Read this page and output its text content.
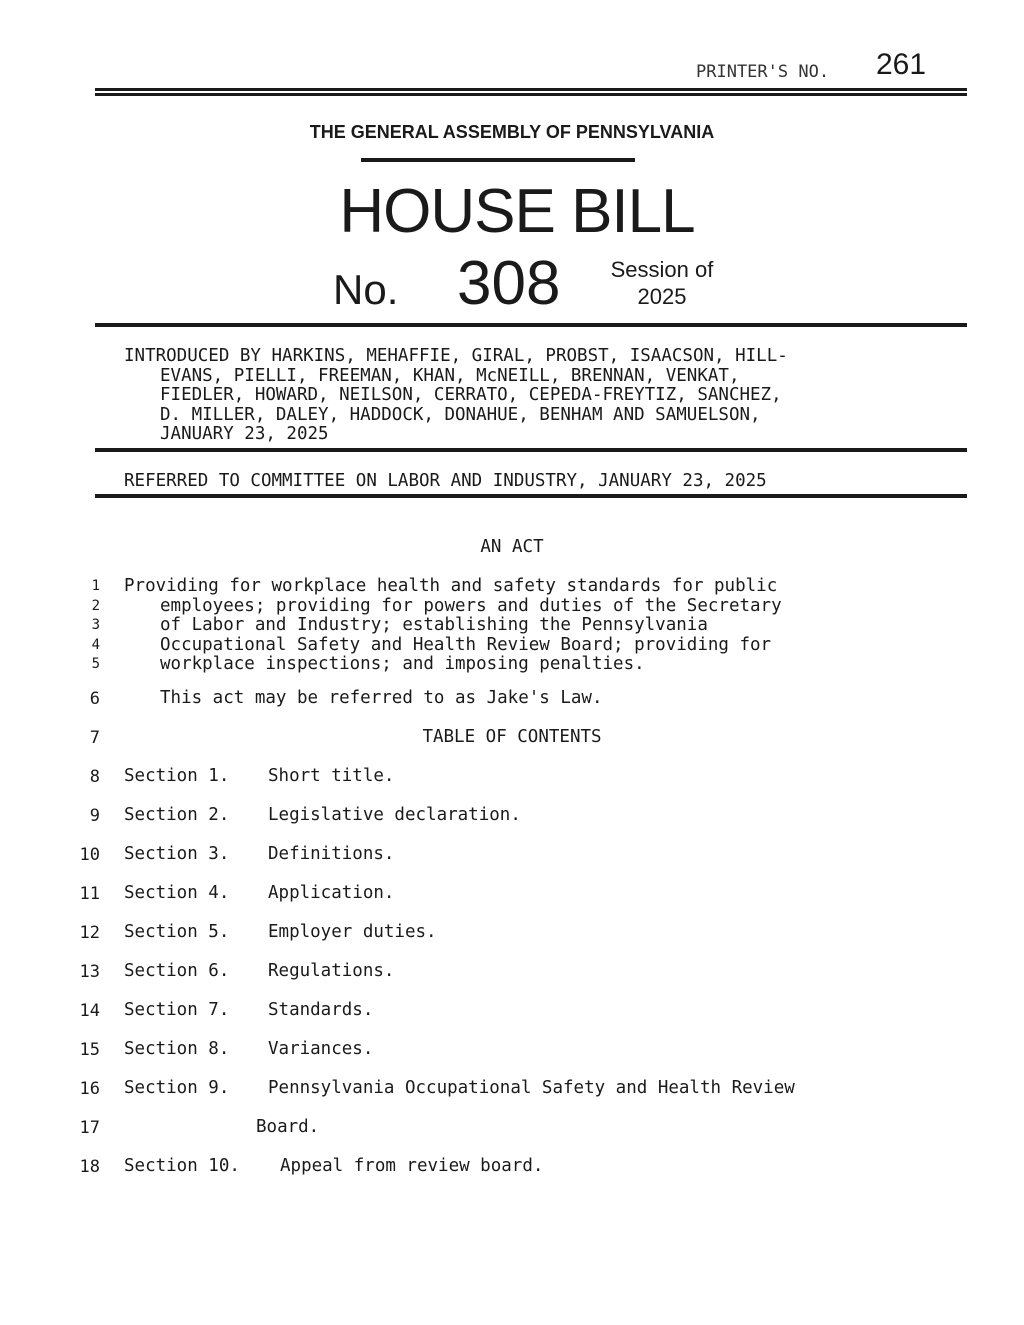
PRINTER'S NO. 261
THE GENERAL ASSEMBLY OF PENNSYLVANIA
HOUSE BILL
No. 308	Session of
2025
INTRODUCED BY HARKINS, MEHAFFIE, GIRAL, PROBST, ISAACSON, HILL-
EVANS, PIELLI, FREEMAN, KHAN, McNEILL, BRENNAN, VENKAT,
FIEDLER, HOWARD, NEILSON, CERRATO, CEPEDA-FREYTIZ, SANCHEZ,
D. MILLER, DALEY, HADDOCK, DONAHUE, BENHAM AND SAMUELSON,
JANUARY 23, 2025
REFERRED TO COMMITTEE ON LABOR AND INDUSTRY, JANUARY 23, 2025
AN ACT
1 Providing for workplace health and safety standards for public
2	employees; providing for powers and duties of the Secretary
3	of Labor and Industry; establishing the Pennsylvania
4	Occupational Safety and Health Review Board; providing for
5	workplace inspections; and imposing penalties.
6	This act may be referred to as Jake's Law.
7	TABLE OF CONTENTS
8 Section 1. Short title.
9 Section 2. Legislative declaration.
10 Section 3. Definitions.
11 Section 4. Application.
12 Section 5. Employer duties.
13 Section 6. Regulations.
14 Section 7. Standards.
15 Section 8. Variances.
16 Section 9. Pennsylvania Occupational Safety and Health Review
17	Board.
18 Section 10. Appeal from review board.
